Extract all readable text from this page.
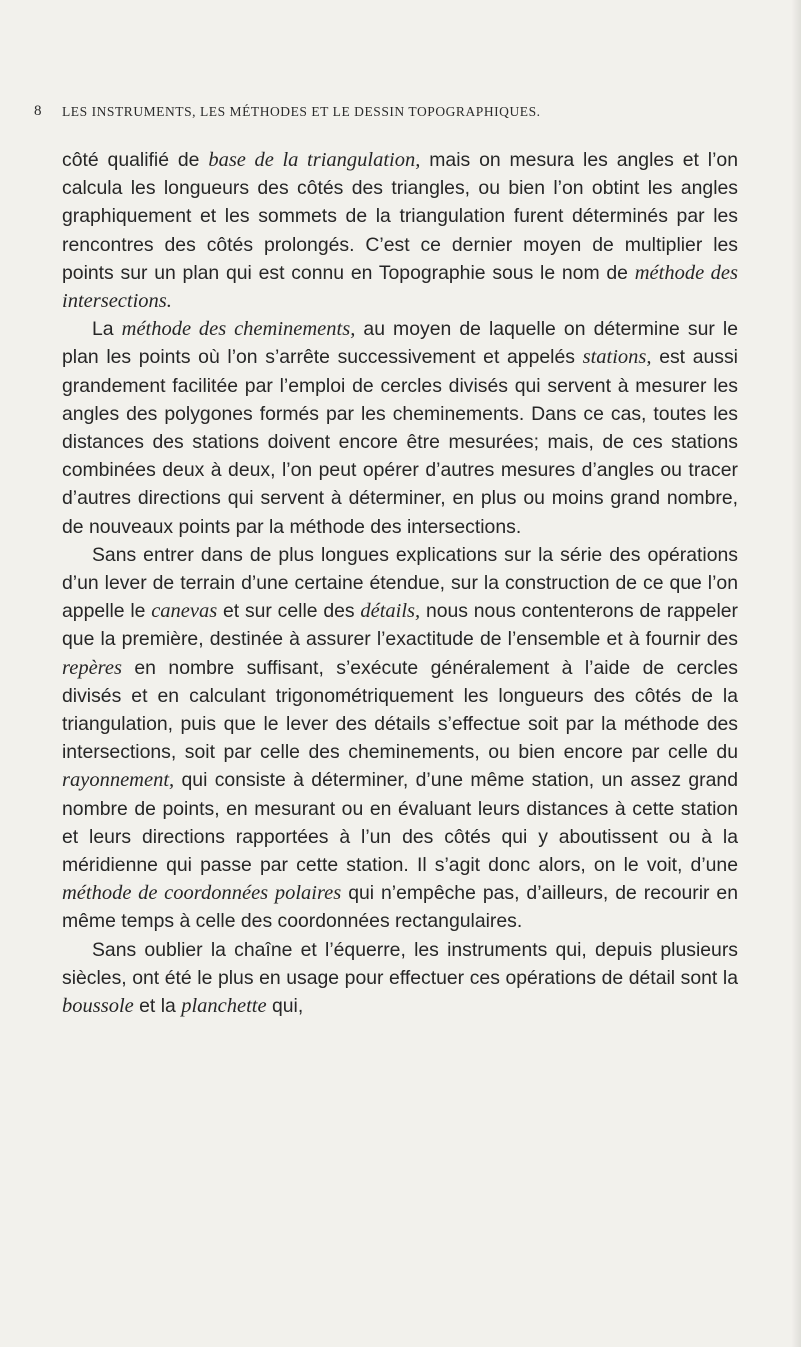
8 LES INSTRUMENTS, LES MÉTHODES ET LE DESSIN TOPOGRAPHIQUES.

côté qualifié de base de la triangulation, mais on mesura les angles et l’on calcula les longueurs des côtés des triangles, ou bien l’on obtint les angles graphiquement et les sommets de la triangulation furent déterminés par les rencontres des côtés prolongés. C’est ce dernier moyen de multiplier les points sur un plan qui est connu en Topographie sous le nom de méthode des intersections.

La méthode des cheminements, au moyen de laquelle on détermine sur le plan les points où l’on s’arrête successivement et appelés stations, est aussi grandement facilitée par l’emploi de cercles divisés qui servent à mesurer les angles des polygones formés par les cheminements. Dans ce cas, toutes les distances des stations doivent encore être mesurées; mais, de ces stations combinées deux à deux, l’on peut opérer d’autres mesures d’angles ou tracer d’autres directions qui servent à déterminer, en plus ou moins grand nombre, de nouveaux points par la méthode des intersections.

Sans entrer dans de plus longues explications sur la série des opérations d’un lever de terrain d’une certaine étendue, sur la construction de ce que l’on appelle le canevas et sur celle des détails, nous nous contenterons de rappeler que la première, destinée à assurer l’exactitude de l’ensemble et à fournir des repères en nombre suffisant, s’exécute généralement à l’aide de cercles divisés et en calculant trigonométriquement les longueurs des côtés de la triangulation, puis que le lever des détails s’effectue soit par la méthode des intersections, soit par celle des cheminements, ou bien encore par celle du rayonnement, qui consiste à déterminer, d’une même station, un assez grand nombre de points, en mesurant ou en évaluant leurs distances à cette station et leurs directions rapportées à l’un des côtés qui y aboutissent ou à la méridienne qui passe par cette station. Il s’agit donc alors, on le voit, d’une méthode de coordonnées polaires qui n’empêche pas, d’ailleurs, de recourir en même temps à celle des coordonnées rectangulaires.

Sans oublier la chaîne et l’équerre, les instruments qui, depuis plusieurs siècles, ont été le plus en usage pour effectuer ces opérations de détail sont la boussole et la planchette qui,
